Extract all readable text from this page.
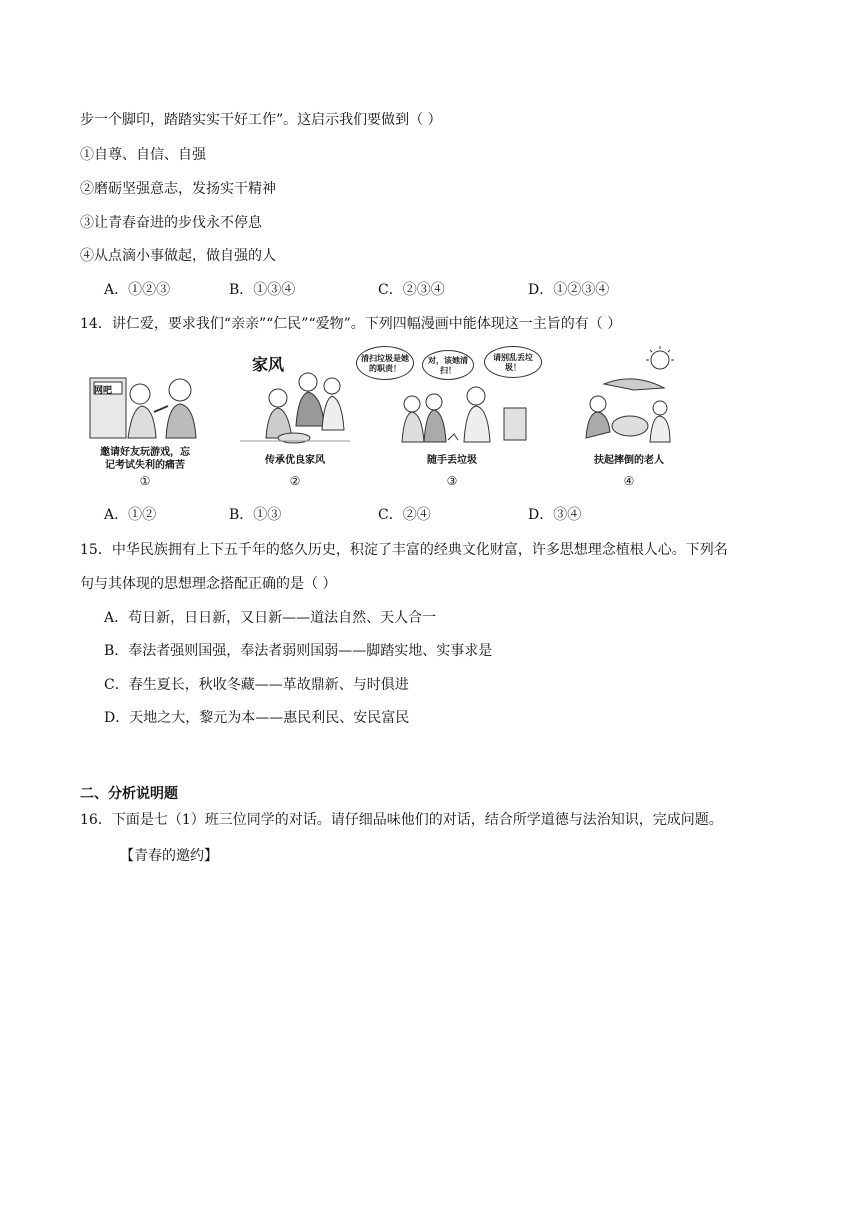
步一个脚印，踏踏实实干好工作”。这启示我们要做到（ ）
①自尊、自信、自强
②磨砺坚强意志，发扬实干精神
③让青春奋进的步伐永不停息
④从点滴小事做起，做自强的人
A．①②③	B．①③④	C．②③④	D．①②③④
14．讲仁爱，要求我们“亲亲”“仁民”“爱物”。下列四幅漫画中能体现这一主旨的有（ ）
网吧
邀请好友玩游戏，忘
记考试失利的痛苦
①
家风
传承优良家风
②
清扫垃圾是她的职责！
对，该她清扫！
请别乱丢垃圾！
随手丢垃圾
③
扶起摔倒的老人
④
A．①②	B．①③	C．②④	D．③④
15．中华民族拥有上下五千年的悠久历史，积淀了丰富的经典文化财富，许多思想理念植根人心。下列名
句与其体现的思想理念搭配正确的是（ ）
A．苟日新，日日新，又日新——道法自然、天人合一
B．奉法者强则国强，奉法者弱则国弱——脚踏实地、实事求是
C．春生夏长，秋收冬藏——革故鼎新、与时俱进
D．天地之大，黎元为本——惠民利民、安民富民
二、分析说明题
16．下面是七（1）班三位同学的对话。请仔细品味他们的对话，结合所学道德与法治知识，完成问题。
【青春的邀约】
